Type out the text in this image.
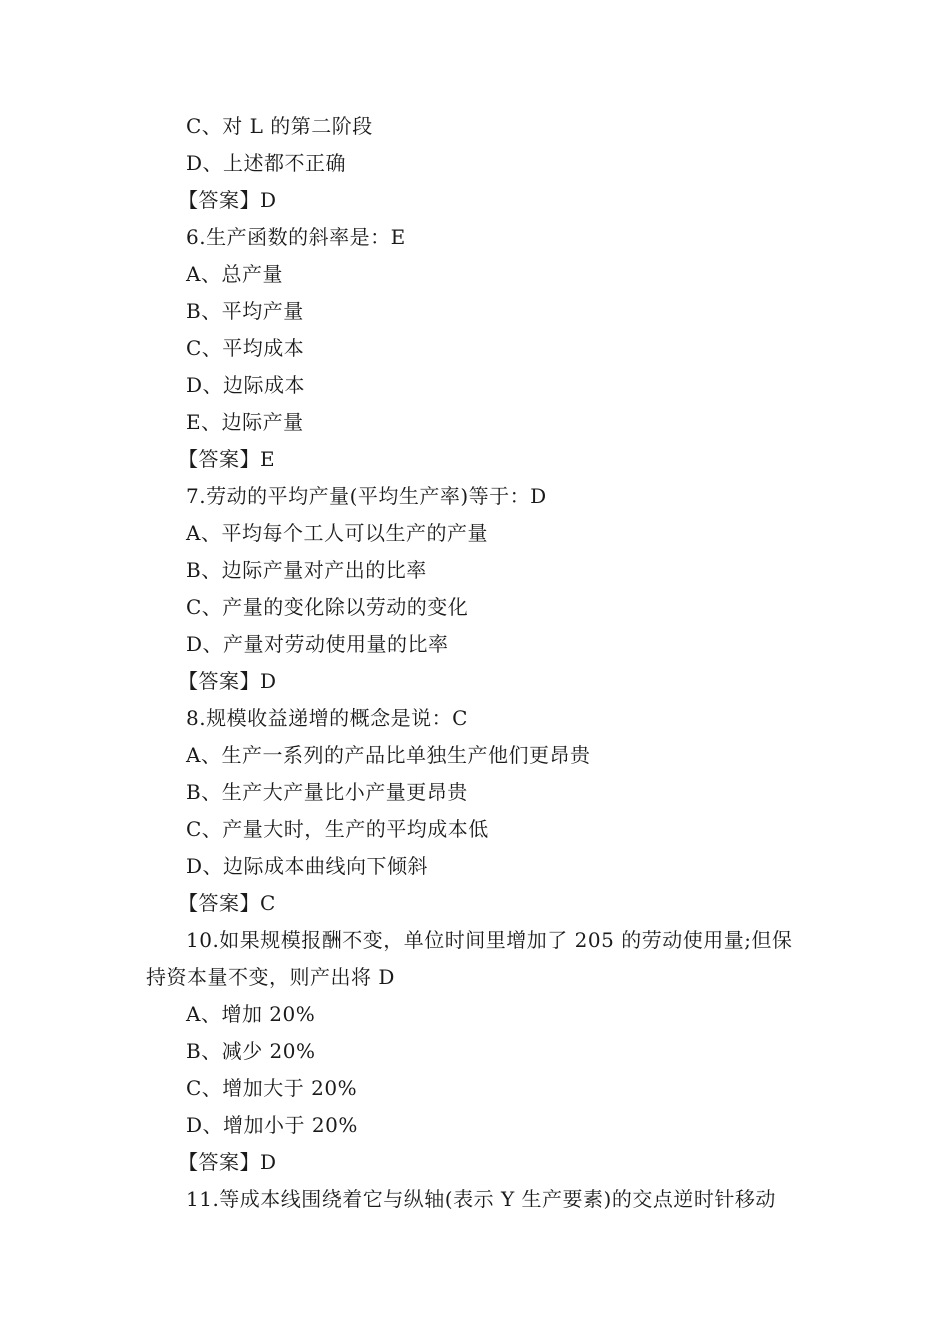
C、对 L 的第二阶段
D、上述都不正确
【答案】D
6.生产函数的斜率是：E
A、总产量
B、平均产量
C、平均成本
D、边际成本
E、边际产量
【答案】E
7.劳动的平均产量(平均生产率)等于：D
A、平均每个工人可以生产的产量
B、边际产量对产出的比率
C、产量的变化除以劳动的变化
D、产量对劳动使用量的比率
【答案】D
8.规模收益递增的概念是说：C
A、生产一系列的产品比单独生产他们更昂贵
B、生产大产量比小产量更昂贵
C、产量大时，生产的平均成本低
D、边际成本曲线向下倾斜
【答案】C
10.如果规模报酬不变，单位时间里增加了 205 的劳动使用量;但保
持资本量不变，则产出将 D
A、增加 20%
B、减少 20%
C、增加大于 20%
D、增加小于 20%
【答案】D
11.等成本线围绕着它与纵轴(表示 Y 生产要素)的交点逆时针移动
